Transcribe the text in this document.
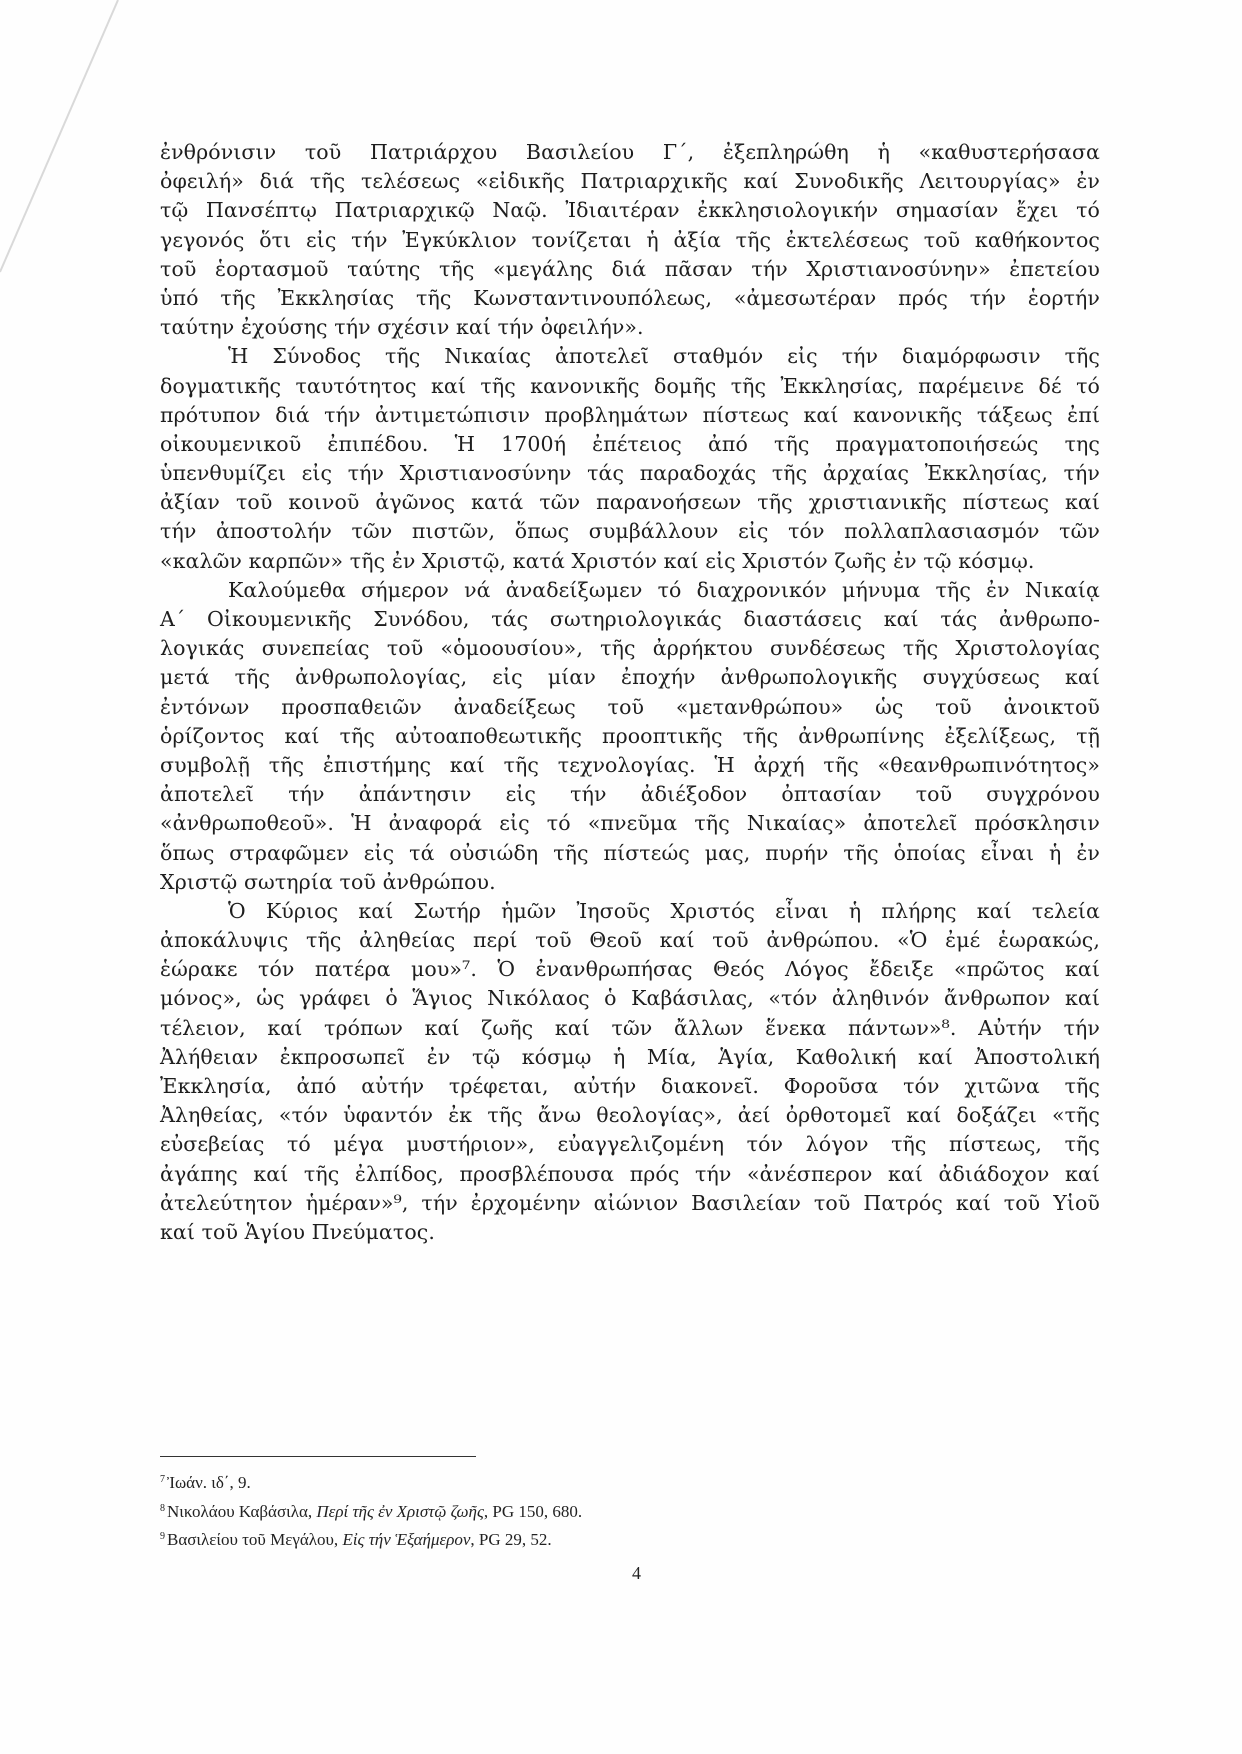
ἐνθρόνισιν τοῦ Πατριάρχου Βασιλείου Γ΄, ἐξεπληρώθη ἡ «καθυστερήσασα
ὀφειλή» διά τῆς τελέσεως «εἰδικῆς Πατριαρχικῆς καί Συνοδικῆς Λειτουργίας» ἐν
τῷ Πανσέπτῳ Πατριαρχικῷ Ναῷ. Ἰδιαιτέραν ἐκκλησιολογικήν σημασίαν ἔχει τό
γεγονός ὅτι εἰς τήν Ἐγκύκλιον τονίζεται ἡ ἀξία τῆς ἐκτελέσεως τοῦ καθήκοντος
τοῦ ἑορτασμοῦ ταύτης τῆς «μεγάλης διά πᾶσαν τήν Χριστιανοσύνην» ἐπετείου
ὑπό τῆς Ἐκκλησίας τῆς Κωνσταντινουπόλεως, «ἀμεσωτέραν πρός τήν ἑορτήν
ταύτην ἐχούσης τήν σχέσιν καί τήν ὀφειλήν».
Ἡ Σύνοδος τῆς Νικαίας ἀποτελεῖ σταθμόν εἰς τήν διαμόρφωσιν τῆς
δογματικῆς ταυτότητος καί τῆς κανονικῆς δομῆς τῆς Ἐκκλησίας, παρέμεινε δέ τό
πρότυπον διά τήν ἀντιμετώπισιν προβλημάτων πίστεως καί κανονικῆς τάξεως ἐπί
οἰκουμενικοῦ ἐπιπέδου. Ἡ 1700ή ἐπέτειος ἀπό τῆς πραγματοποιήσεώς της
ὑπενθυμίζει εἰς τήν Χριστιανοσύνην τάς παραδοχάς τῆς ἀρχαίας Ἐκκλησίας, τήν
ἀξίαν τοῦ κοινοῦ ἀγῶνος κατά τῶν παρανοήσεων τῆς χριστιανικῆς πίστεως καί
τήν ἀποστολήν τῶν πιστῶν, ὅπως συμβάλλουν εἰς τόν πολλαπλασιασμόν τῶν
«καλῶν καρπῶν» τῆς ἐν Χριστῷ, κατά Χριστόν καί εἰς Χριστόν ζωῆς ἐν τῷ κόσμῳ.
Καλούμεθα σήμερον νά ἀναδείξωμεν τό διαχρονικόν μήνυμα τῆς ἐν Νικαίᾳ
Α΄ Οἰκουμενικῆς Συνόδου, τάς σωτηριολογικάς διαστάσεις καί τάς ἀνθρωπο-
λογικάς συνεπείας τοῦ «ὁμοουσίου», τῆς ἀρρήκτου συνδέσεως τῆς Χριστολογίας
μετά τῆς ἀνθρωπολογίας, εἰς μίαν ἐποχήν ἀνθρωπολογικῆς συγχύσεως καί
ἐντόνων προσπαθειῶν ἀναδείξεως τοῦ «μετανθρώπου» ὡς τοῦ ἀνοικτοῦ
ὁρίζοντος καί τῆς αὐτοαποθεωτικῆς προοπτικῆς τῆς ἀνθρωπίνης ἐξελίξεως, τῇ
συμβολῇ τῆς ἐπιστήμης καί τῆς τεχνολογίας. Ἡ ἀρχή τῆς «θεανθρωπινότητος»
ἀποτελεῖ τήν ἀπάντησιν εἰς τήν ἀδιέξοδον ὀπτασίαν τοῦ συγχρόνου
«ἀνθρωποθεοῦ». Ἡ ἀναφορά εἰς τό «πνεῦμα τῆς Νικαίας» ἀποτελεῖ πρόσκλησιν
ὅπως στραφῶμεν εἰς τά οὐσιώδη τῆς πίστεώς μας, πυρήν τῆς ὁποίας εἶναι ἡ ἐν
Χριστῷ σωτηρία τοῦ ἀνθρώπου.
Ὁ Κύριος καί Σωτήρ ἡμῶν Ἰησοῦς Χριστός εἶναι ἡ πλήρης καί τελεία
ἀποκάλυψις τῆς ἀληθείας περί τοῦ Θεοῦ καί τοῦ ἀνθρώπου. «Ὁ ἐμέ ἑωρακώς,
ἑώρακε τόν πατέρα μου»⁷. Ὁ ἐνανθρωπήσας Θεός Λόγος ἔδειξε «πρῶτος καί
μόνος», ὡς γράφει ὁ Ἅγιος Νικόλαος ὁ Καβάσιλας, «τόν ἀληθινόν ἄνθρωπον καί
τέλειον, καί τρόπων καί ζωῆς καί τῶν ἄλλων ἕνεκα πάντων»⁸. Αὐτήν τήν
Ἀλήθειαν ἐκπροσωπεῖ ἐν τῷ κόσμῳ ἡ Μία, Ἁγία, Καθολική καί Ἀποστολική
Ἐκκλησία, ἀπό αὐτήν τρέφεται, αὐτήν διακονεῖ. Φοροῦσα τόν χιτῶνα τῆς
Ἀληθείας, «τόν ὑφαντόν ἐκ τῆς ἄνω θεολογίας», ἀεί ὀρθοτομεῖ καί δοξάζει «τῆς
εὐσεβείας τό μέγα μυστήριον», εὐαγγελιζομένη τόν λόγον τῆς πίστεως, τῆς
ἀγάπης καί τῆς ἐλπίδος, προσβλέπουσα πρός τήν «ἀνέσπερον καί ἀδιάδοχον καί
ἀτελεύτητον ἡμέραν»⁹, τήν ἐρχομένην αἰώνιον Βασιλείαν τοῦ Πατρός καί τοῦ Υἱοῦ
καί τοῦ Ἁγίου Πνεύματος.
$^7$ Ἰωάν. ιδ΄, 9.
$^8$ Νικολάου Καβάσιλα, Περί τῆς ἐν Χριστῷ ζωῆς, PG 150, 680.
$^9$ Βασιλείου τοῦ Μεγάλου, Εἰς τήν Ἑξαήμερον, PG 29, 52.
4
